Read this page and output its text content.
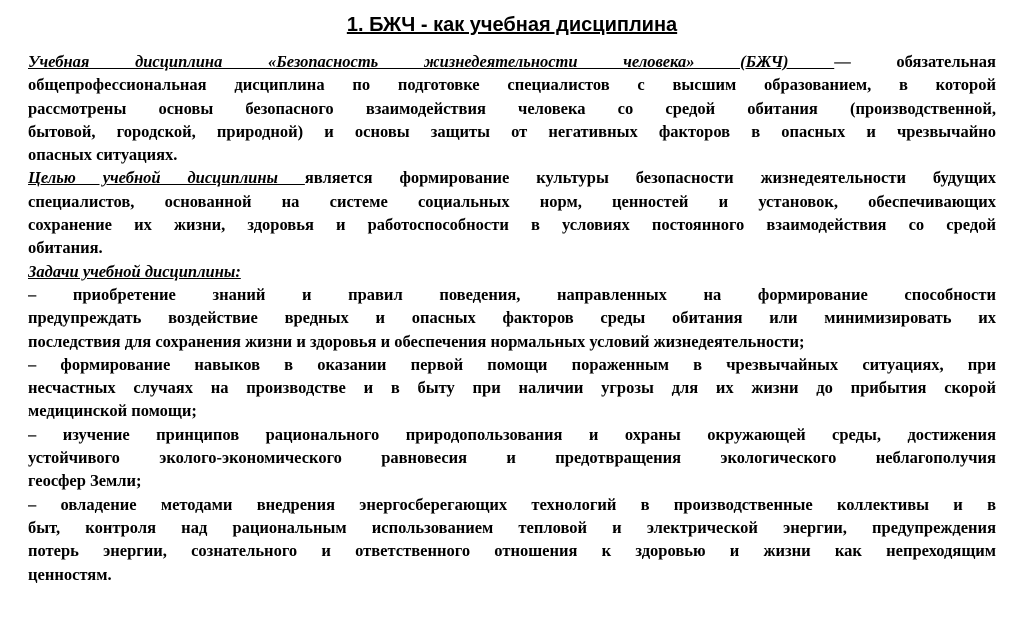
1. БЖЧ - как учебная дисциплина
Учебная дисциплина «Безопасность жизнедеятельности человека» (БЖЧ) — обязательная
общепрофессиональная дисциплина по подготовке специалистов с высшим образованием, в которой
рассмотрены основы безопасного взаимодействия человека со средой обитания (производственной,
бытовой, городской, природной) и основы защиты от негативных факторов в опасных и чрезвычайно
опасных ситуациях.
Целью учебной дисциплины является формирование культуры безопасности жизнедеятельности будущих
специалистов, основанной на системе социальных норм, ценностей и установок, обеспечивающих
сохранение их жизни, здоровья и работоспособности в условиях постоянного взаимодействия со средой
обитания.
Задачи учебной дисциплины:
– приобретение знаний и правил поведения, направленных на формирование способности
предупреждать воздействие вредных и опасных факторов среды обитания или минимизировать их
последствия для сохранения жизни и здоровья и обеспечения нормальных условий жизнедеятельности;
– формирование навыков в оказании первой помощи пораженным в чрезвычайных ситуациях, при
несчастных случаях на производстве и в быту при наличии угрозы для их жизни до прибытия скорой
медицинской помощи;
– изучение принципов рационального природопользования и охраны окружающей среды, достижения
устойчивого эколого-экономического равновесия и предотвращения экологического неблагополучия
геосфер Земли;
– овладение методами внедрения энергосберегающих технологий в производственные коллективы и в
быт, контроля над рациональным использованием тепловой и электрической энергии, предупреждения
потерь энергии, сознательного и ответственного отношения к здоровью и жизни как непреходящим
ценностям.
